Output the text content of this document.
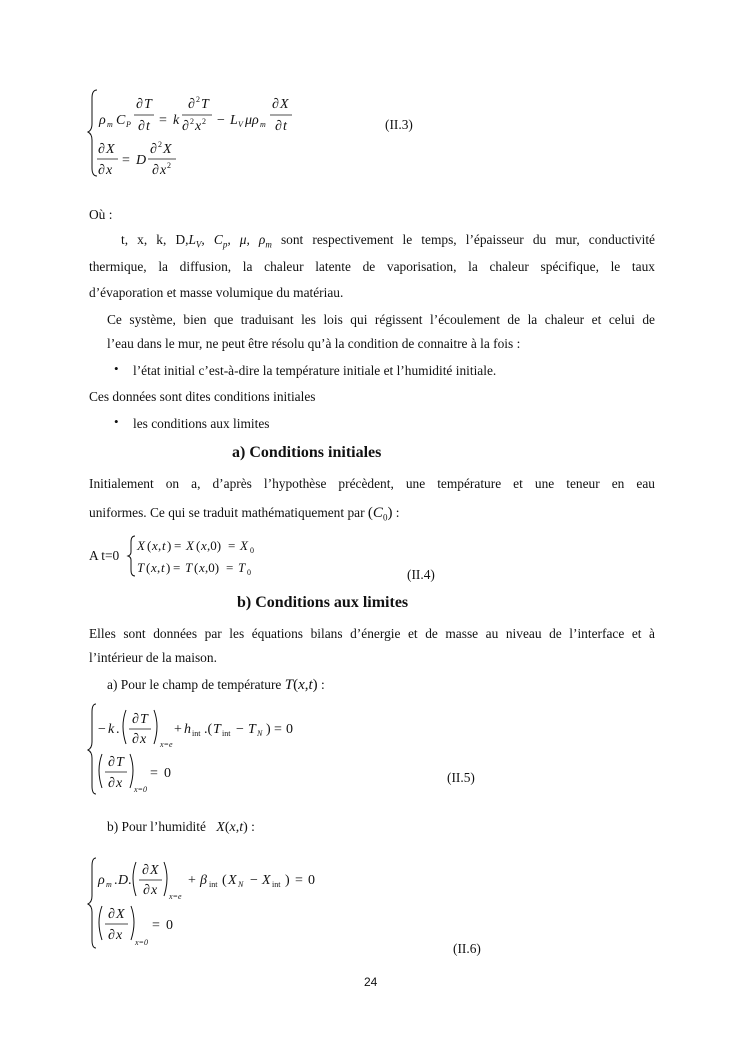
ρ m C P
∂ T
∂ t = k
∂ 2 T
∂ 2 x 2 − L V μρ m
∂ X
∂ t
∂ X
∂ x
= D
∂ 2 X
∂ x 2
(II.3)
Où :
t, x, k, $D,L_V$, $C_p$, μ, $\rho_m$ sont respectivement le temps, l’épaisseur du mur, conductivité
thermique, la diffusion, la chaleur latente de vaporisation, la chaleur spécifique, le taux
d’évaporation et masse volumique du matériau.
Ce système, bien que traduisant les lois qui régissent l’écoulement de la chaleur et celui de
l’eau dans le mur, ne peut être résolu qu’à la condition de connaitre à la fois :
• l’état initial c’est-à-dire la température initiale et l’humidité initiale.
Ces données sont dites conditions initiales
• les conditions aux limites
a) Conditions initiales
Initialement on a, d’après l’hypothèse précèdent, une température et une teneur en eau
uniformes. Ce qui se traduit mathématiquement par $(C_0)$ :
A t=0
X ( x , t ) = X ( x ,0) = X 0
T ( x , t ) = T ( x ,0) = T 0	(II.4)
b) Conditions aux limites
Elles sont données par les équations bilans d’énergie et de masse au niveau de l’interface et à
l’intérieur de la maison.
a) Pour le champ de température T(x,t) :
− k .
∂ T
∂ x x=e
+ h int .( T int − T N ) = 0
∂ T
∂ x x=0
= 0	(II.5)
b) Pour l’humidité X(x,t) :
ρ m . D .
∂ X
∂ x x=e
+ β int ( X N − X int ) = 0
∂ X
∂ x x=0
= 0
(II.6)
24
